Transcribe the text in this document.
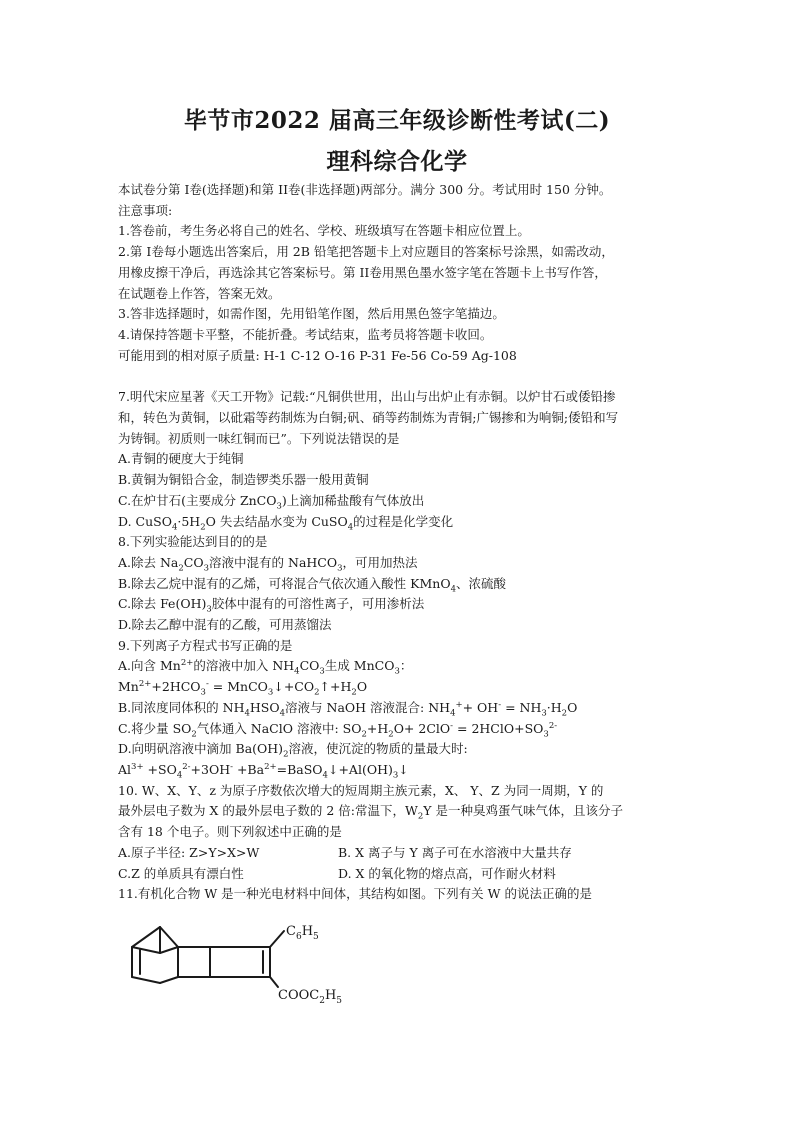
毕节市2022 届高三年级诊断性考试(二)
理科综合化学
本试卷分第 I卷(选择题)和第 II卷(非选择题)两部分。满分 300 分。考试用时 150 分钟。
注意事项:
1.答卷前，考生务必将自己的姓名、学校、班级填写在答题卡相应位置上。
2.第 I卷每小题选出答案后，用 2B 铅笔把答题卡上对应题目的答案标号涂黑，如需改动，
用橡皮擦干净后，再选涂其它答案标号。第 II卷用黑色墨水签字笔在答题卡上书写作答，
在试题卷上作答，答案无效。
3.答非选择题时，如需作图，先用铅笔作图，然后用黑色签字笔描边。
4.请保持答题卡平整，不能折叠。考试结束，监考员将答题卡收回。
可能用到的相对原子质量: H-1 C-12 O-16 P-31 Fe-56 Co-59 Ag-108
7.明代宋应星著《天工开物》记载:“凡铜供世用，出山与出炉止有赤铜。以炉甘石或倭铅掺
和，转色为黄铜，以砒霜等药制炼为白铜;矾、硝等药制炼为青铜;广锡掺和为响铜;倭铅和写
为铸铜。初质则一味红铜而已”。下列说法错误的是
A.青铜的硬度大于纯铜
B.黄铜为铜铅合金，制造锣类乐器一般用黄铜
C.在炉甘石(主要成分 ZnCO$_3$)上滴加稀盐酸有气体放出
D. $CuSO_4\cdot 5H_2O$ 失去结晶水变为 CuSO$_4$的过程是化学变化
8.下列实验能达到目的的是
A.除去 $Na_2CO_3$溶液中混有的 NaHCO$_3$，可用加热法
B.除去乙烷中混有的乙烯，可将混合气依次通入酸性 KMnO$_4$、浓硫酸
C.除去 $Fe(OH)_3$胶体中混有的可溶性离子，可用渗析法
D.除去乙醇中混有的乙酸，可用蒸馏法
9.下列离子方程式书写正确的是
A.向含 $Mn^{2+}$的溶液中加入 $NH_4CO_3$生成 MnCO$_3$：
$Mn^{2+}+2HCO_3^-$ = $MnCO_3↓+CO_2↑+H_2O$
B.同浓度同体积的 $NH_4HSO_4$溶液与 NaOH 溶液混合: $NH_4^++ OH^- = NH_3\cdot H_2O$
C.将少量 $SO_2$气体通入 NaClO 溶液中: $SO_2+H_2O+ 2ClO^-$ = $2HClO+SO_3^{2-}$
D.向明矾溶液中滴加 $Ba(OH)_2$溶液，使沉淀的物质的量最大时:
$Al^{3+} +SO_4^{2-}+3OH^-$ $+Ba^{2+}=BaSO_4↓+Al(OH)_3↓$
10. W、X、Y、z 为原子序数依次增大的短周期主族元素，X、 Y、Z 为同一周期，Y 的
最外层电子数为 X 的最外层电子数的 2 倍:常温下，$W_2Y$ 是一种臭鸡蛋气味气体，且该分子
含有 18 个电子。则下列叙述中正确的是
A.原子半径: Z>Y>X>W	B. X 离子与 Y 离子可在水溶液中大量共存
C.Z 的单质具有漂白性	D. X 的氧化物的熔点高，可作耐火材料
11.有机化合物 W 是一种光电材料中间体，其结构如图。下列有关 W 的说法正确的是
$C_6H_5$
$COOC_2H_5$
